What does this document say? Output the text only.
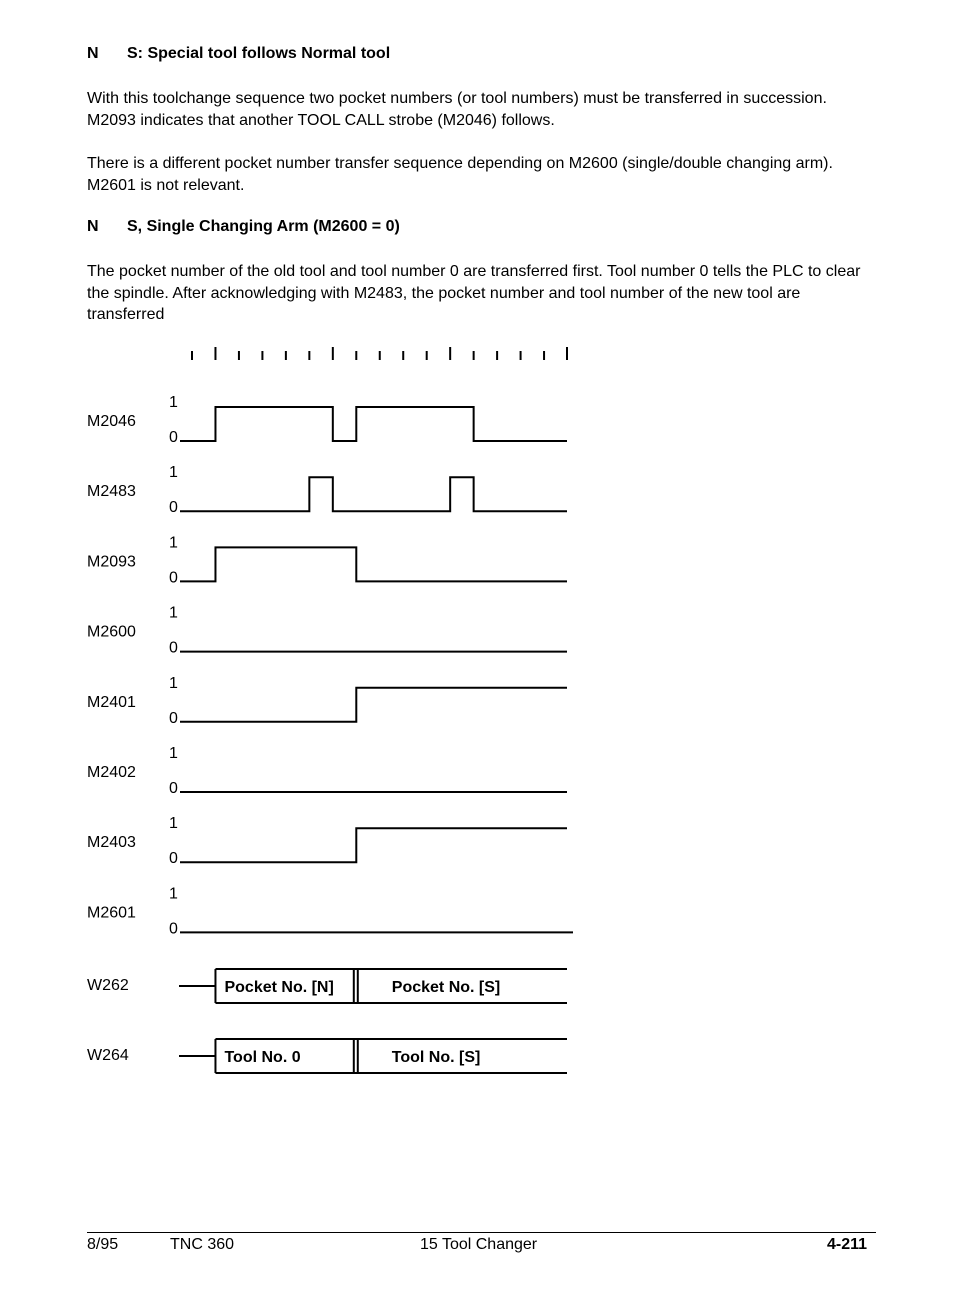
N	S: Special tool follows Normal tool
With this toolchange sequence two pocket numbers (or tool numbers) must be transferred in succession. M2093 indicates that another TOOL CALL strobe (M2046) follows.
There is a different pocket number transfer sequence depending on M2600 (single/double changing arm). M2601 is not relevant.
N	S, Single Changing Arm (M2600 = 0)
The pocket number of the old tool and tool number 0 are transferred first. Tool number 0 tells the PLC to clear the spindle. After acknowledging with M2483, the pocket number and tool number of the new tool are transferred
M2046
1
0
M2483
1
0
M2093
1
0
M2600
1
0
M2401
1
0
M2402
1
0
M2403
1
0
M2601
1
0
W262	Pocket No. [N]	Pocket No. [S]
W264	Tool No. 0	Tool No. [S]
8/95	TNC 360	15 Tool Changer	4-211
